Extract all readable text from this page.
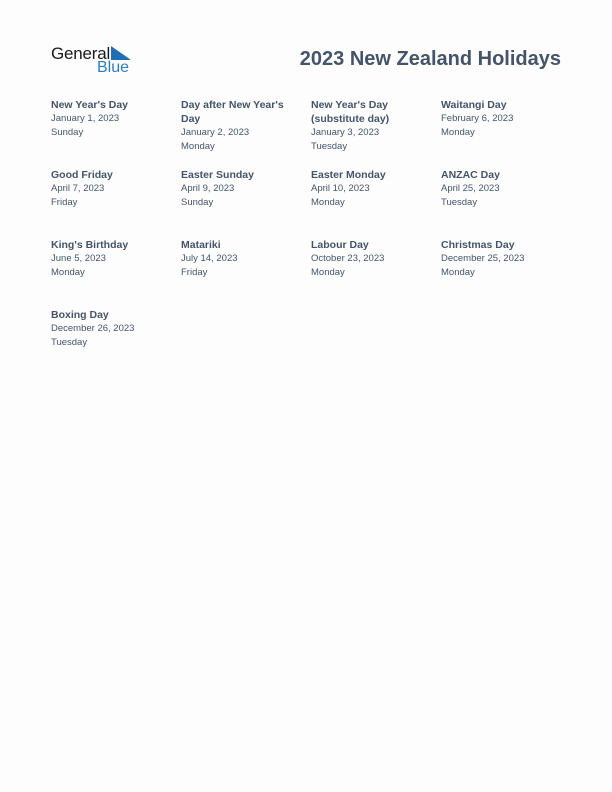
General
Blue	2023 New Zealand Holidays
New Year's Day
January 1, 2023
Sunday
Day after New Year's Day
January 2, 2023
Monday
New Year's Day (substitute day)
January 3, 2023
Tuesday
Waitangi Day
February 6, 2023
Monday
Good Friday
April 7, 2023
Friday
Easter Sunday
April 9, 2023
Sunday
Easter Monday
April 10, 2023
Monday
ANZAC Day
April 25, 2023
Tuesday
King's Birthday
June 5, 2023
Monday
Matariki
July 14, 2023
Friday
Labour Day
October 23, 2023
Monday
Christmas Day
December 25, 2023
Monday
Boxing Day
December 26, 2023
Tuesday
